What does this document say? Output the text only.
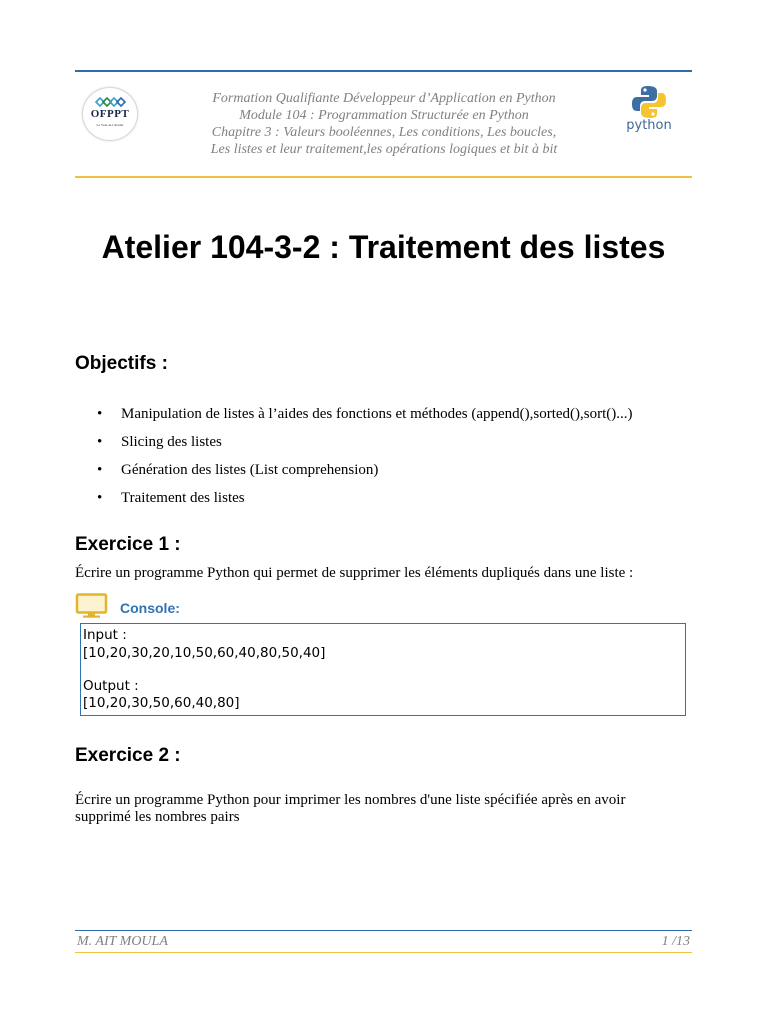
OFPPT
La Voie de l'Avenir
Formation Qualifiante Développeur d’Application en Python
Module 104 : Programmation Structurée en Python
Chapitre 3 : Valeurs booléennes, Les conditions, Les boucles,
Les listes et leur traitement,les opérations logiques et bit à bit
python
Atelier 104-3-2 : Traitement des listes
Objectifs :
• Manipulation de listes à l’aides des fonctions et méthodes (append(),sorted(),sort()...)
• Slicing des listes
• Génération des listes (List comprehension)
• Traitement des listes
Exercice 1 :
Écrire un programme Python qui permet de supprimer les éléments dupliqués dans une liste :
Console:
Input :
[10,20,30,20,10,50,60,40,80,50,40]
Output :
[10,20,30,50,60,40,80]
Exercice 2 :
Écrire un programme Python pour imprimer les nombres d'une liste spécifiée après en avoir supprimé les nombres pairs
M. AIT MOULA	1 /13
